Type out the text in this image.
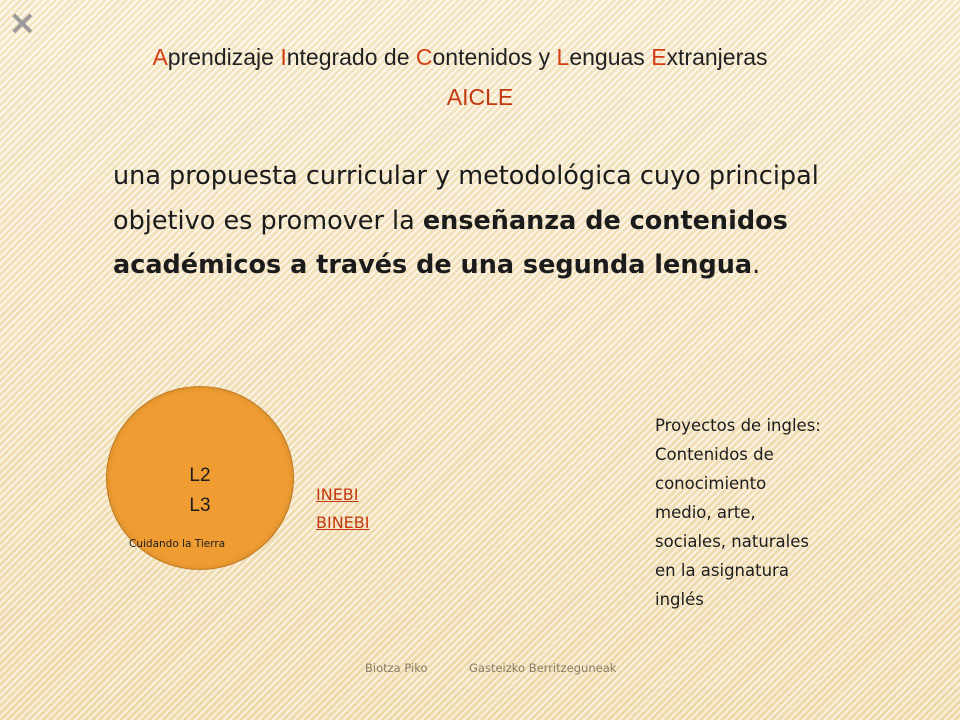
×
Aprendizaje Integrado de Contenidos y Lenguas Extranjeras
AICLE
una propuesta curricular y metodológica cuyo principal objetivo es promover la enseñanza de contenidos académicos a través de una segunda lengua.
L2
L3
Cuidando la Tierra
INEBI
BINEBI
Proyectos de ingles:
Contenidos de
conocimiento
medio, arte,
sociales, naturales
en la asignatura
inglés
Biotza Piko	Gasteizko Berritzeguneak
